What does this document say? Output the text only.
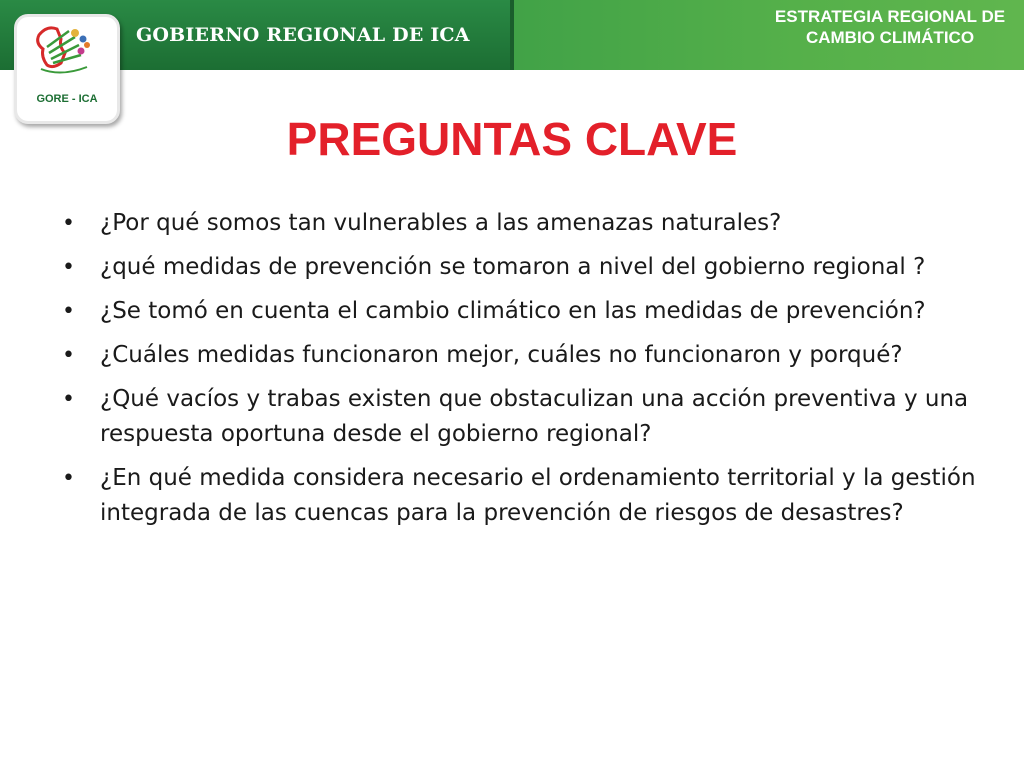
GOBIERNO REGIONAL DE ICA
ESTRATEGIA REGIONAL DE CAMBIO CLIMÁTICO
GORE - ICA
PREGUNTAS CLAVE
•	¿Por qué somos tan vulnerables a las amenazas naturales?
•	¿qué medidas de prevención se tomaron a nivel del gobierno regional ?
•	¿Se tomó en cuenta el cambio climático en las medidas de prevención?
•	¿Cuáles medidas funcionaron mejor, cuáles no funcionaron y porqué?
•	¿Qué vacíos y trabas existen que obstaculizan una acción preventiva y una respuesta oportuna desde el gobierno regional?
•	¿En qué medida considera necesario el ordenamiento territorial y la gestión integrada de las cuencas para la prevención de riesgos de desastres?
